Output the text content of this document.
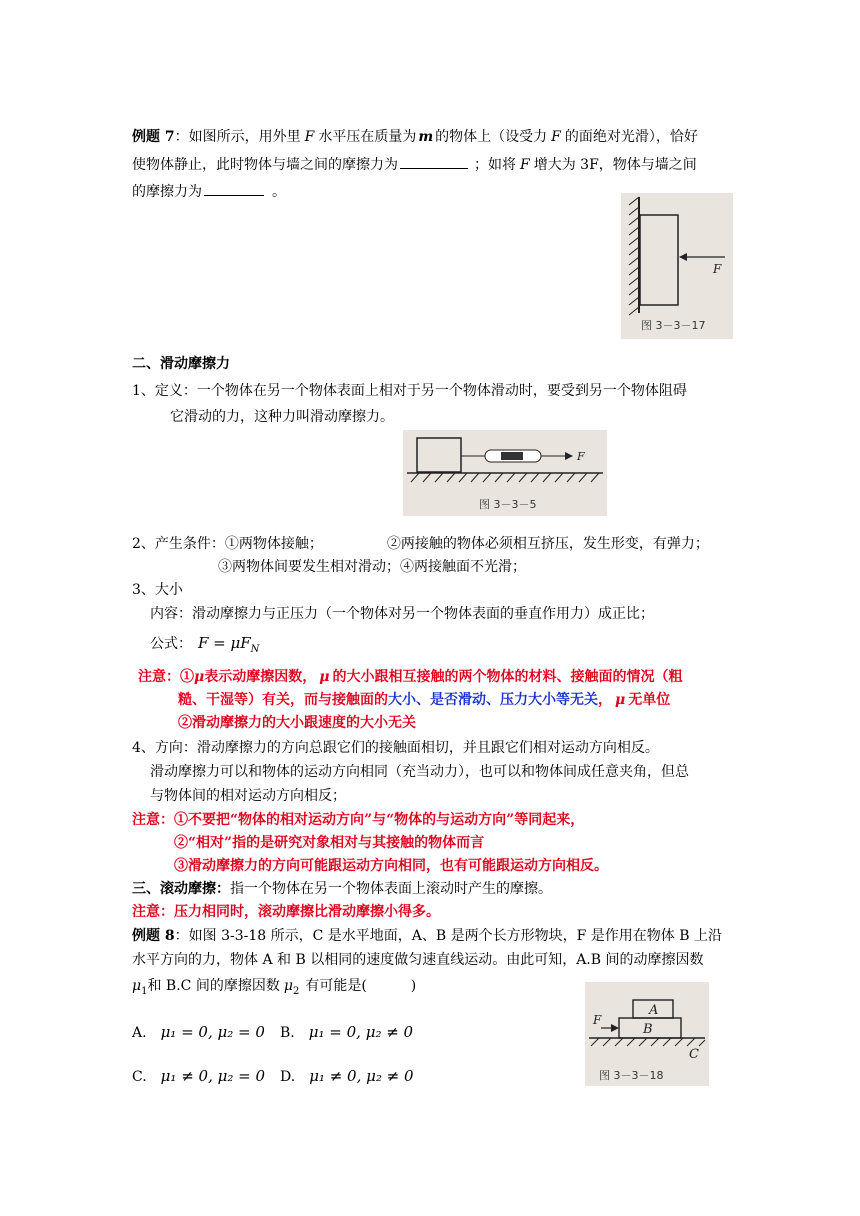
例题 7：如图所示，用外里 F 水平压在质量为 m 的物体上（设受力 F 的面绝对光滑），恰好
使物体静止，此时物体与墙之间的摩擦力为	；如将 F 增大为 3F，物体与墙之间
的摩擦力为	。
F
图 3－3－17
二、滑动摩擦力
1、定义：一个物体在另一个物体表面上相对于另一个物体滑动时，要受到另一个物体阻碍
它滑动的力，这种力叫滑动摩擦力。
F
图 3－3－5
2、产生条件：①两物体接触；	②两接触的物体必须相互挤压，发生形变，有弹力；
③两物体间要发生相对滑动；④两接触面不光滑；
3、大小
内容：滑动摩擦力与正压力（一个物体对另一个物体表面的垂直作用力）成正比；
公式： $F = \mu F_N$
注意：①μ表示动摩擦因数， μ 的大小跟相互接触的两个物体的材料、接触面的情况（粗
糙、干湿等）有关，而与接触面的大小、是否滑动、压力大小等无关， μ 无单位
②滑动摩擦力的大小跟速度的大小无关
4、方向：滑动摩擦力的方向总跟它们的接触面相切，并且跟它们相对运动方向相反。
滑动摩擦力可以和物体的运动方向相同（充当动力），也可以和物体间成任意夹角，但总
与物体间的相对运动方向相反；
注意：①不要把“物体的相对运动方向”与“物体的与运动方向”等同起来，
②“相对”指的是研究对象相对与其接触的物体而言
③滑动摩擦力的方向可能跟运动方向相同，也有可能跟运动方向相反。
三、滚动摩擦：指一个物体在另一个物体表面上滚动时产生的摩擦。
注意：压力相同时，滚动摩擦比滑动摩擦小得多。
例题 8：如图 3-3-18 所示，C 是水平地面，A、B 是两个长方形物块，F 是作用在物体 B 上沿
水平方向的力，物体 A 和 B 以相同的速度做匀速直线运动。由此可知，A.B 间的动摩擦因数
$\mu_1$和 B.C 间的摩擦因数 $\mu_2$ 有可能是(	)
A. μ₁ = 0, μ₂ = 0 B. μ₁ = 0, μ₂ ≠ 0
C. μ₁ ≠ 0, μ₂ = 0 D. μ₁ ≠ 0, μ₂ ≠ 0
A
B
F
C
图 3－3－18
